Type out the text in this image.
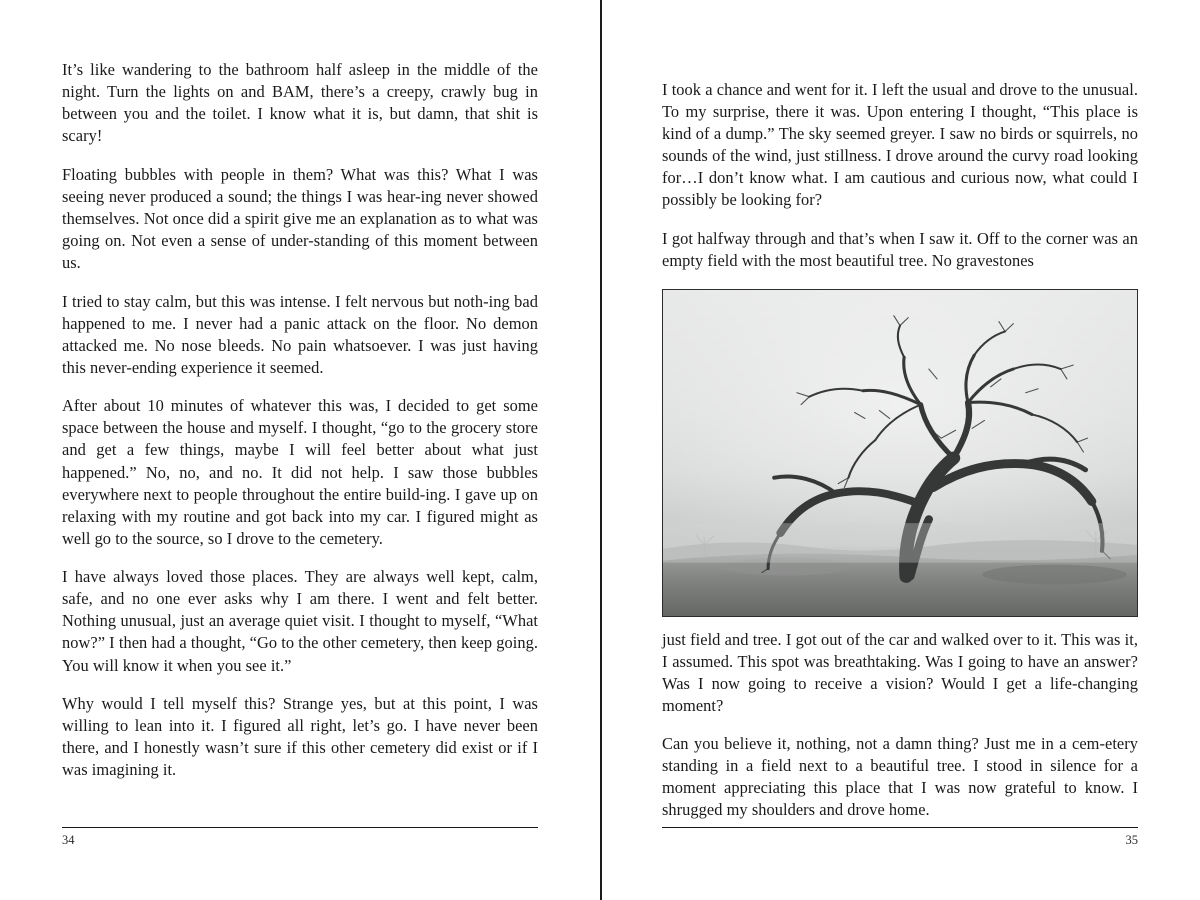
It’s like wandering to the bathroom half asleep in the middle of the night. Turn the lights on and BAM, there’s a creepy, crawly bug in between you and the toilet. I know what it is, but damn, that shit is scary!

Floating bubbles with people in them? What was this? What I was seeing never produced a sound; the things I was hear-ing never showed themselves. Not once did a spirit give me an explanation as to what was going on. Not even a sense of under-standing of this moment between us.

I tried to stay calm, but this was intense. I felt nervous but noth-ing bad happened to me. I never had a panic attack on the floor. No demon attacked me. No nose bleeds. No pain whatsoever. I was just having this never-ending experience it seemed.

After about 10 minutes of whatever this was, I decided to get some space between the house and myself. I thought, “go to the grocery store and get a few things, maybe I will feel better about what just happened.” No, no, and no. It did not help. I saw those bubbles everywhere next to people throughout the entire build-ing. I gave up on relaxing with my routine and got back into my car. I figured might as well go to the source, so I drove to the cemetery.

I have always loved those places. They are always well kept, calm, safe, and no one ever asks why I am there. I went and felt better. Nothing unusual, just an average quiet visit. I thought to myself, “What now?” I then had a thought, “Go to the other cemetery, then keep going. You will know it when you see it.”

Why would I tell myself this? Strange yes, but at this point, I was willing to lean into it. I figured all right, let’s go. I have never been there, and I honestly wasn’t sure if this other cemetery did exist or if I was imagining it.

34

I took a chance and went for it. I left the usual and drove to the unusual. To my surprise, there it was. Upon entering I thought, “This place is kind of a dump.” The sky seemed greyer. I saw no birds or squirrels, no sounds of the wind, just stillness. I drove around the curvy road looking for…I don’t know what. I am cautious and curious now, what could I possibly be looking for?

I got halfway through and that’s when I saw it. Off to the corner was an empty field with the most beautiful tree. No gravestones

just field and tree. I got out of the car and walked over to it. This was it, I assumed. This spot was breathtaking. Was I going to have an answer? Was I now going to receive a vision? Would I get a life-changing moment?

Can you believe it, nothing, not a damn thing? Just me in a cem-etery standing in a field next to a beautiful tree. I stood in silence for a moment appreciating this place that I was now grateful to know. I shrugged my shoulders and drove home.

35
